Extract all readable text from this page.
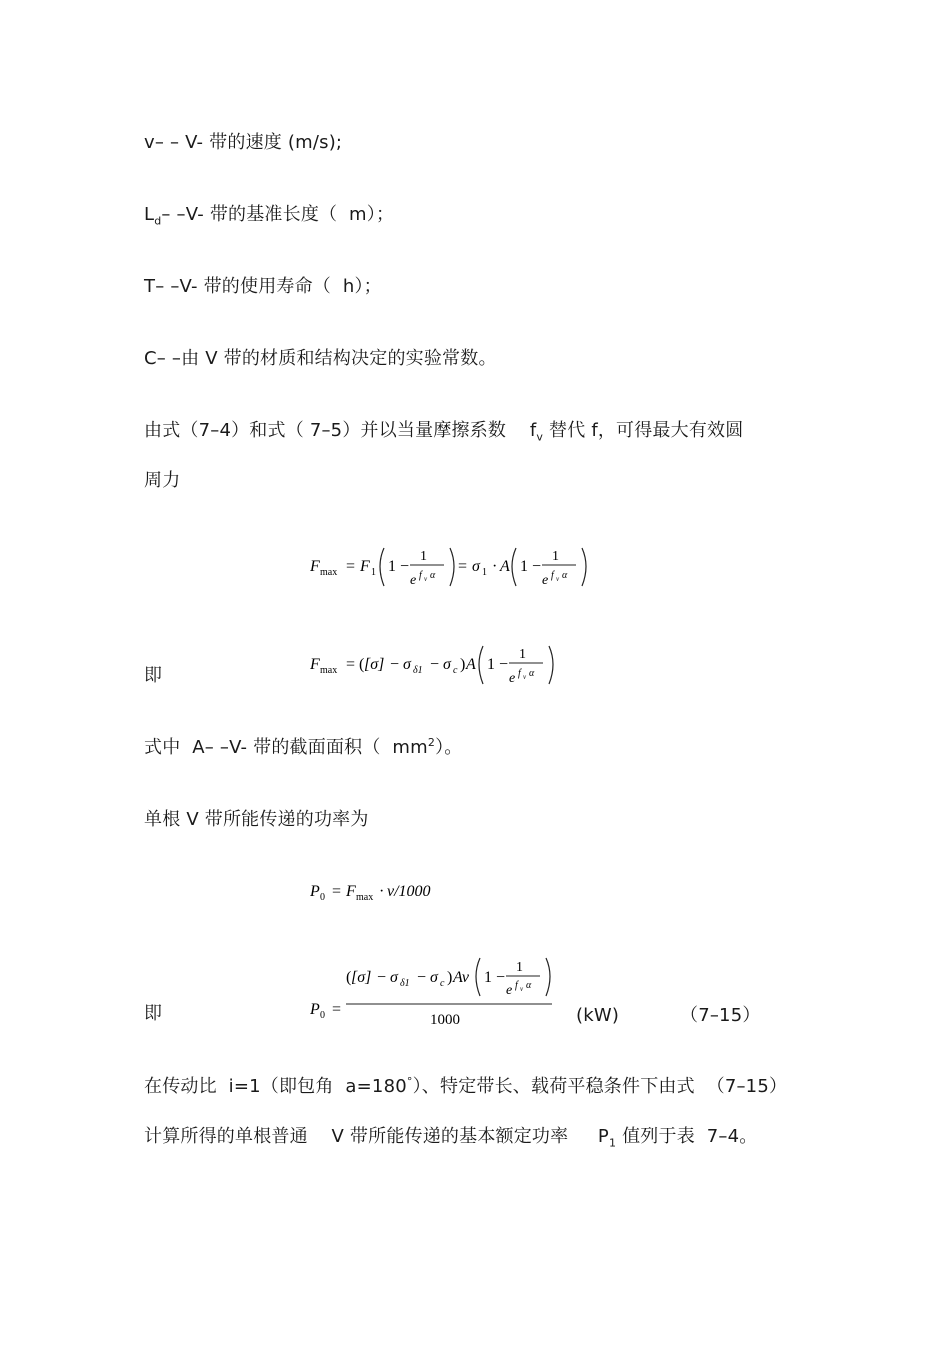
v– – V- 带的速度 (m/s);
$L_d-$ –V- 带的基准长度（  m）；
T– –V- 带的使用寿命（  h）；
C– –由 V 带的材质和结构决定的实验常数。
由式（7–4）和式（ 7–5）并以当量摩擦系数    $f_v$ 替代 f，可得最大有效圆
周力
F max = F 1 1 −
1
e f v α
= σ 1 · A 1 −
1
e f v α
即
F max = ( [σ] − σ δ1 − σ c ) A 1 −
1
e f v α
式中  A– –V- 带的截面面积（  $mm^2$）。
单根 V 带所能传递的功率为
P 0 = F max · v/1000
即	P 0 =
( [σ] − σ δ1 − σ c ) Av 1 −
1
e f v α
1000	(kW)	（7–15）
在传动比  i=1（即包角  a=180°）、特定带长、载荷平稳条件下由式  （7–15）
计算所得的单根普通    V 带所能传递的基本额定功率     $P_1$ 值列于表  7–4。
